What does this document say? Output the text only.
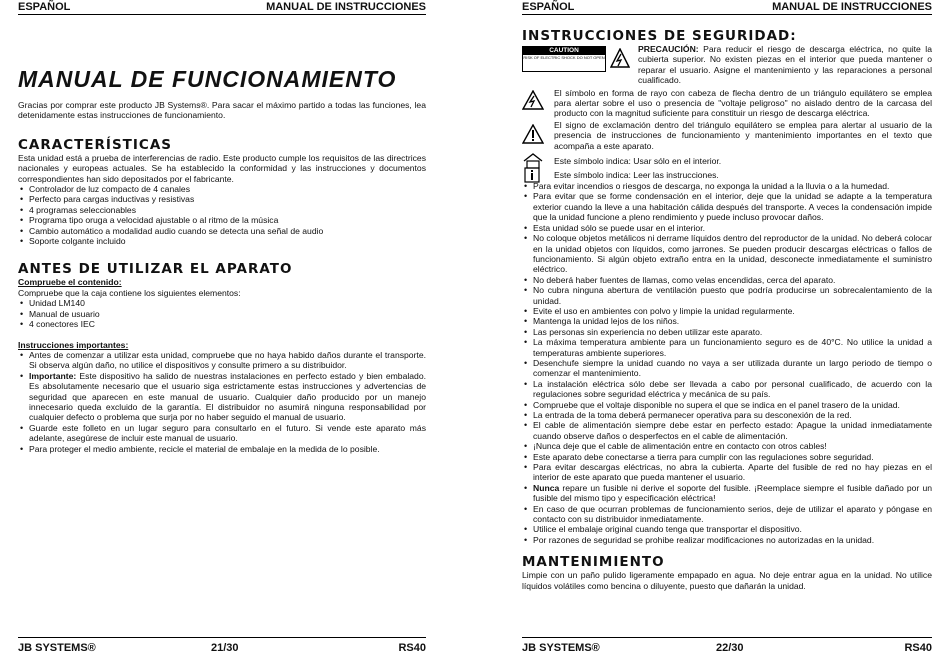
ESPAÑOL	MANUAL DE INSTRUCCIONES
MANUAL DE FUNCIONAMIENTO

Gracias por comprar este producto JB Systems®. Para sacar el máximo partido a todas las funciones, lea detenidamente estas instrucciones de funcionamiento.

CARACTERÍSTICAS

Esta unidad está a prueba de interferencias de radio. Este producto cumple los requisitos de las directrices nacionales y europeas actuales. Se ha establecido la conformidad y las instrucciones y documentos correspondientes han sido depositados por el fabricante.

• Controlador de luz compacto de 4 canales
• Perfecto para cargas inductivas y resistivas
• 4 programas seleccionables
• Programa tipo oruga a velocidad ajustable o al ritmo de la música
• Cambio automático a modalidad audio cuando se detecta una señal de audio
• Soporte colgante incluido
ANTES DE UTILIZAR EL APARATO
Compruebe el contenido:

Compruebe que la caja contiene los siguientes elementos:

• Unidad LM140
• Manual de usuario
• 4 conectores IEC
Instrucciones importantes:
• Antes de comenzar a utilizar esta unidad, compruebe que no haya habido daños durante el transporte. Si observa algún daño, no utilice el dispositivos y consulte primero a su distribuidor.
• Importante: Este dispositivo ha salido de nuestras instalaciones en perfecto estado y bien embalado. Es absolutamente necesario que el usuario siga estrictamente estas instrucciones y advertencias de seguridad que aparecen en este manual de usuario. Cualquier daño producido por un manejo innecesario queda excluido de la garantía. El distribuidor no asumirá ninguna responsabilidad por cualquier defecto o problema que surja por no haber seguido el manual de usuario.
• Guarde este folleto en un lugar seguro para consultarlo en el futuro. Si vende este aparato más adelante, asegúrese de incluir este manual de usuario.
• Para proteger el medio ambiente, recicle el material de embalaje en la medida de lo posible.
JB SYSTEMS®	21/30	RS40
ESPAÑOL	MANUAL DE INSTRUCCIONES
INSTRUCCIONES DE SEGURIDAD:
CAUTION
RISK OF ELECTRIC SHOCK DO NOT OPEN

PRECAUCIÓN: Para reducir el riesgo de descarga eléctrica, no quite la cubierta superior. No existen piezas en el interior que pueda mantener o reparar el usuario. Asigne el mantenimiento y las reparaciones a personal cualificado.

El símbolo en forma de rayo con cabeza de flecha dentro de un triángulo equilátero se emplea para alertar sobre el uso o presencia de "voltaje peligroso" no aislado dentro de la carcasa del producto con la magnitud suficiente para constituir un riesgo de descarga eléctrica.

El signo de exclamación dentro del triángulo equilátero se emplea para alertar al usuario de la presencia de instrucciones de funcionamiento y mantenimiento importantes en el texto que acompaña a este aparato.

Este símbolo indica: Usar sólo en el interior.

Este símbolo indica: Leer las instrucciones.

• Para evitar incendios o riesgos de descarga, no exponga la unidad a la lluvia o a la humedad.
• Para evitar que se forme condensación en el interior, deje que la unidad se adapte a la temperatura exterior cuando la lleve a una habitación cálida después del transporte. A veces la condensación impide que la unidad funcione a pleno rendimiento y puede incluso provocar daños.
• Esta unidad sólo se puede usar en el interior.
• No coloque objetos metálicos ni derrame líquidos dentro del reproductor de la unidad. No deberá colocar en la unidad objetos con líquidos, como jarrones. Se pueden producir descargas eléctricas o fallos de funcionamiento. Si algún objeto extraño entra en la unidad, desconecte inmediatamente el suministro eléctrico.
• No deberá haber fuentes de llamas, como velas encendidas, cerca del aparato.
• No cubra ninguna abertura de ventilación puesto que podría producirse un sobrecalentamiento de la unidad.
• Evite el uso en ambientes con polvo y limpie la unidad regularmente.
• Mantenga la unidad lejos de los niños.
• Las personas sin experiencia no deben utilizar este aparato.
• La máxima temperatura ambiente para un funcionamiento seguro es de 40°C. No utilice la unidad a temperaturas ambiente superiores.
• Desenchufe siempre la unidad cuando no vaya a ser utilizada durante un largo periodo de tiempo o comenzar el mantenimiento.
• La instalación eléctrica sólo debe ser llevada a cabo por personal cualificado, de acuerdo con la regulaciones sobre seguridad eléctrica y mecánica de su país.
• Compruebe que el voltaje disponible no supera el que se indica en el panel trasero de la unidad.
• La entrada de la toma deberá permanecer operativa para su desconexión de la red.
• El cable de alimentación siempre debe estar en perfecto estado: Apague la unidad inmediatamente cuando observe daños o desperfectos en el cable de alimentación.
• ¡Nunca deje que el cable de alimentación entre en contacto con otros cables!
• Este aparato debe conectarse a tierra para cumplir con las regulaciones sobre seguridad.
• Para evitar descargas eléctricas, no abra la cubierta. Aparte del fusible de red no hay piezas en el interior de este aparato que pueda mantener el usuario.
• Nunca repare un fusible ni derive el soporte del fusible. ¡Reemplace siempre el fusible dañado por un fusible del mismo tipo y especificación eléctrica!
• En caso de que ocurran problemas de funcionamiento serios, deje de utilizar el aparato y póngase en contacto con su distribuidor inmediatamente.
• Utilice el embalaje original cuando tenga que transportar el dispositivo.
• Por razones de seguridad se prohibe realizar modificaciones no autorizadas en la unidad.
MANTENIMIENTO

Limpie con un paño pulido ligeramente empapado en agua. No deje entrar agua en la unidad. No utilice líquidos volátiles como bencina o diluyente, puesto que dañarán la unidad.

JB SYSTEMS®	22/30	RS40
